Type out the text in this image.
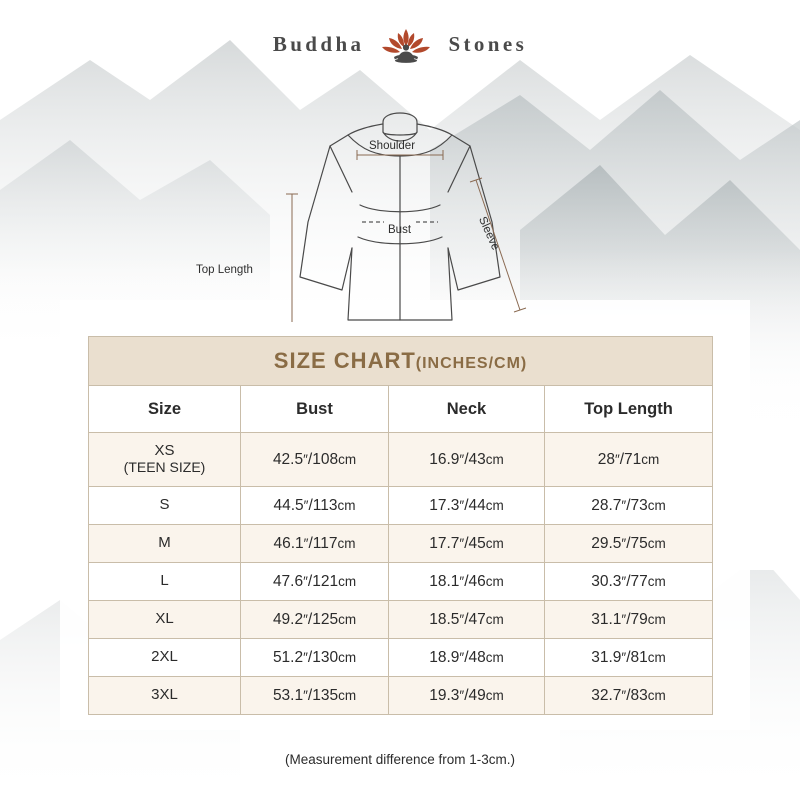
Buddha	Stones
Shoulder
Bust
Top Length
Sleeve
SIZE CHART(INCHES/CM)			
Size	Bust	Neck	Top Length
XS
(TEEN SIZE)	42.5″/108cm	16.9″/43cm	28″/71cm
S	44.5″/113cm	17.3″/44cm	28.7″/73cm
M	46.1″/117cm	17.7″/45cm	29.5″/75cm
L	47.6″/121cm	18.1″/46cm	30.3″/77cm
XL	49.2″/125cm	18.5″/47cm	31.1″/79cm
2XL	51.2″/130cm	18.9″/48cm	31.9″/81cm
3XL	53.1″/135cm	19.3″/49cm	32.7″/83cm
(Measurement difference from 1-3cm.)
